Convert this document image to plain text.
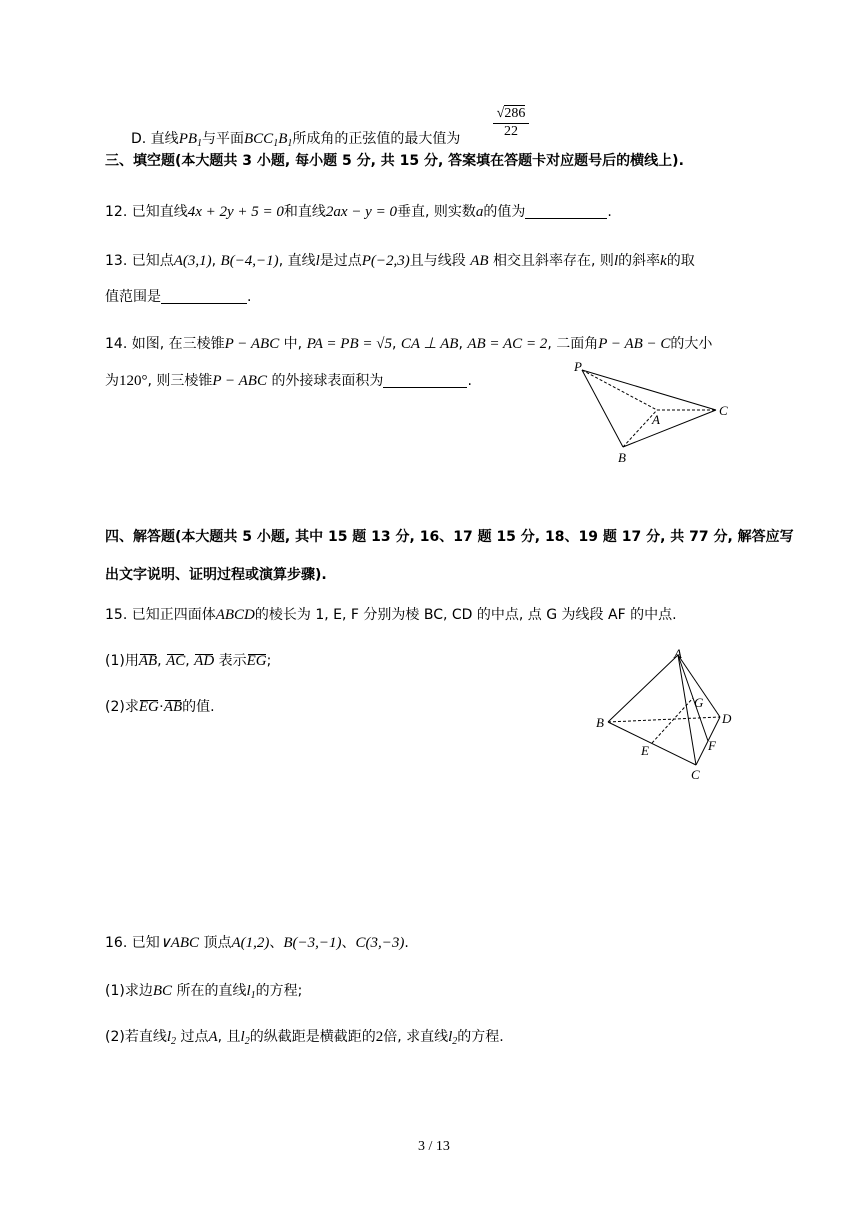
D. 直线$PB_1$与平面$BCC_1B_1$所成角的正弦值的最大值为 $\frac{√286}{22}$
三、填空题(本大题共 3 小题, 每小题 5 分, 共 15 分, 答案填在答题卡对应题号后的横线上).
12. 已知直线4x + 2y + 5 = 0和直线2ax − y = 0垂直, 则实数a的值为	.
13. 已知点A(3,1), B(−4,−1), 直线l是过点P(−2,3)且与线段 AB 相交且斜率存在, 则l的斜率k的取
值范围是	.
14. 如图, 在三棱锥P − ABC 中, PA = PB = √5, CA ⊥ AB, AB = AC = 2, 二面角P − AB − C的大小
为120°, 则三棱锥P − ABC 的外接球表面积为	.
P
A
B
C
四、解答题(本大题共 5 小题, 其中 15 题 13 分, 16、17 题 15 分, 18、19 题 17 分, 共 77 分, 解答应写
出文字说明、证明过程或演算步骤).
15. 已知正四面体ABCD的棱长为 1, E, F 分别为棱 BC, CD 的中点, 点 G 为线段 AF 的中点.
(1)用AB, AC, AD 表示EG;
(2)求EG·AB的值.
A
B
C
D
E	F
G
16. 已知∨ABC 顶点A(1,2)、B(−3,−1)、C(3,−3).
(1)求边BC 所在的直线$l_1$的方程;
(2)若直线$l_2$ 过点A, 且$l_2$的纵截距是横截距的2倍, 求直线$l_2$的方程.
3 / 13
